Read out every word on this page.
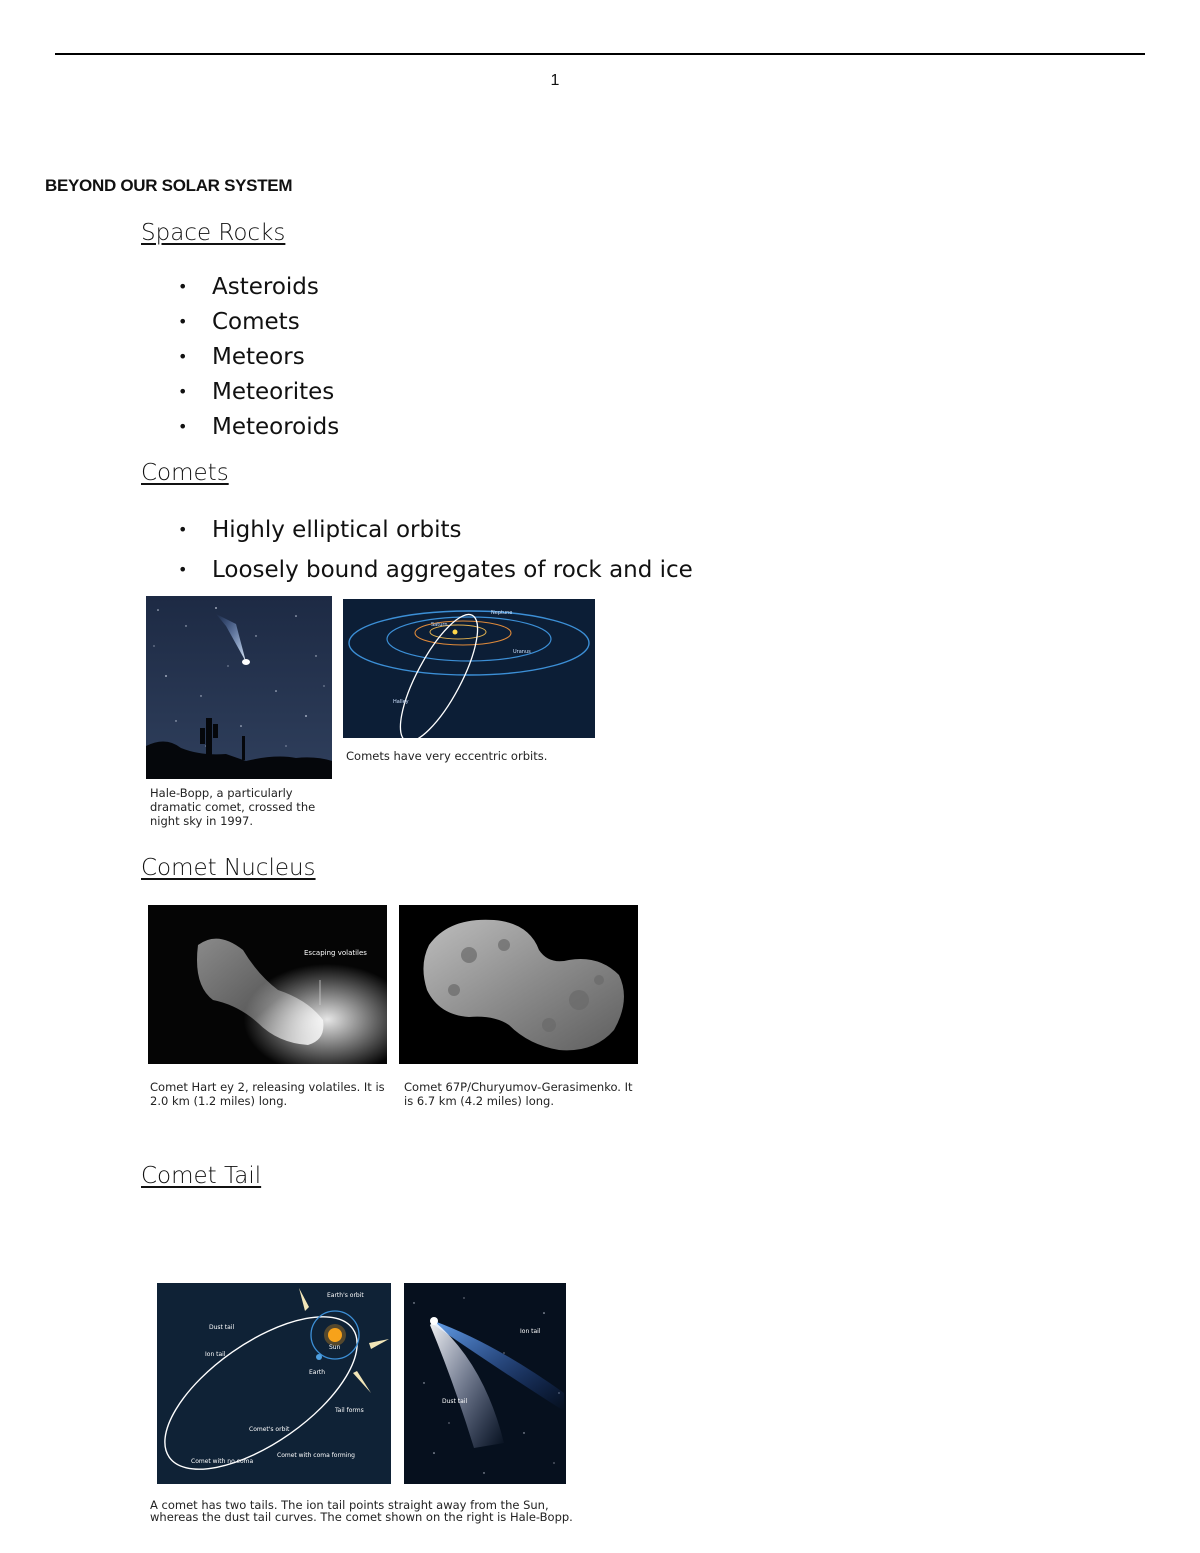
1
BEYOND OUR SOLAR SYSTEM
Space Rocks
• Asteroids
• Comets
• Meteors
• Meteorites
• Meteoroids
Comets
• Highly elliptical orbits
• Loosely bound aggregates of rock and ice
Hale-Bopp, a particularly dramatic comet, crossed the night sky in 1997.
Neptune
Saturn
Uranus
Halley
Comets have very eccentric orbits.
Comet Nucleus
Escaping volatiles
Comet Hart ey 2, releasing volatiles. It is 2.0 km (1.2 miles) long.
Comet 67P/Churyumov-Gerasimenko. It is 6.7 km (4.2 miles) long.
Comet Tail
Earth's orbit
Dust tail
Ion tail
Sun
Earth
Tail forms
Comet's orbit
Comet with no coma
Comet with coma forming
Ion tail
Dust tail
A comet has two tails. The ion tail points straight away from the Sun, whereas the dust tail curves. The comet shown on the right is Hale-Bopp.
